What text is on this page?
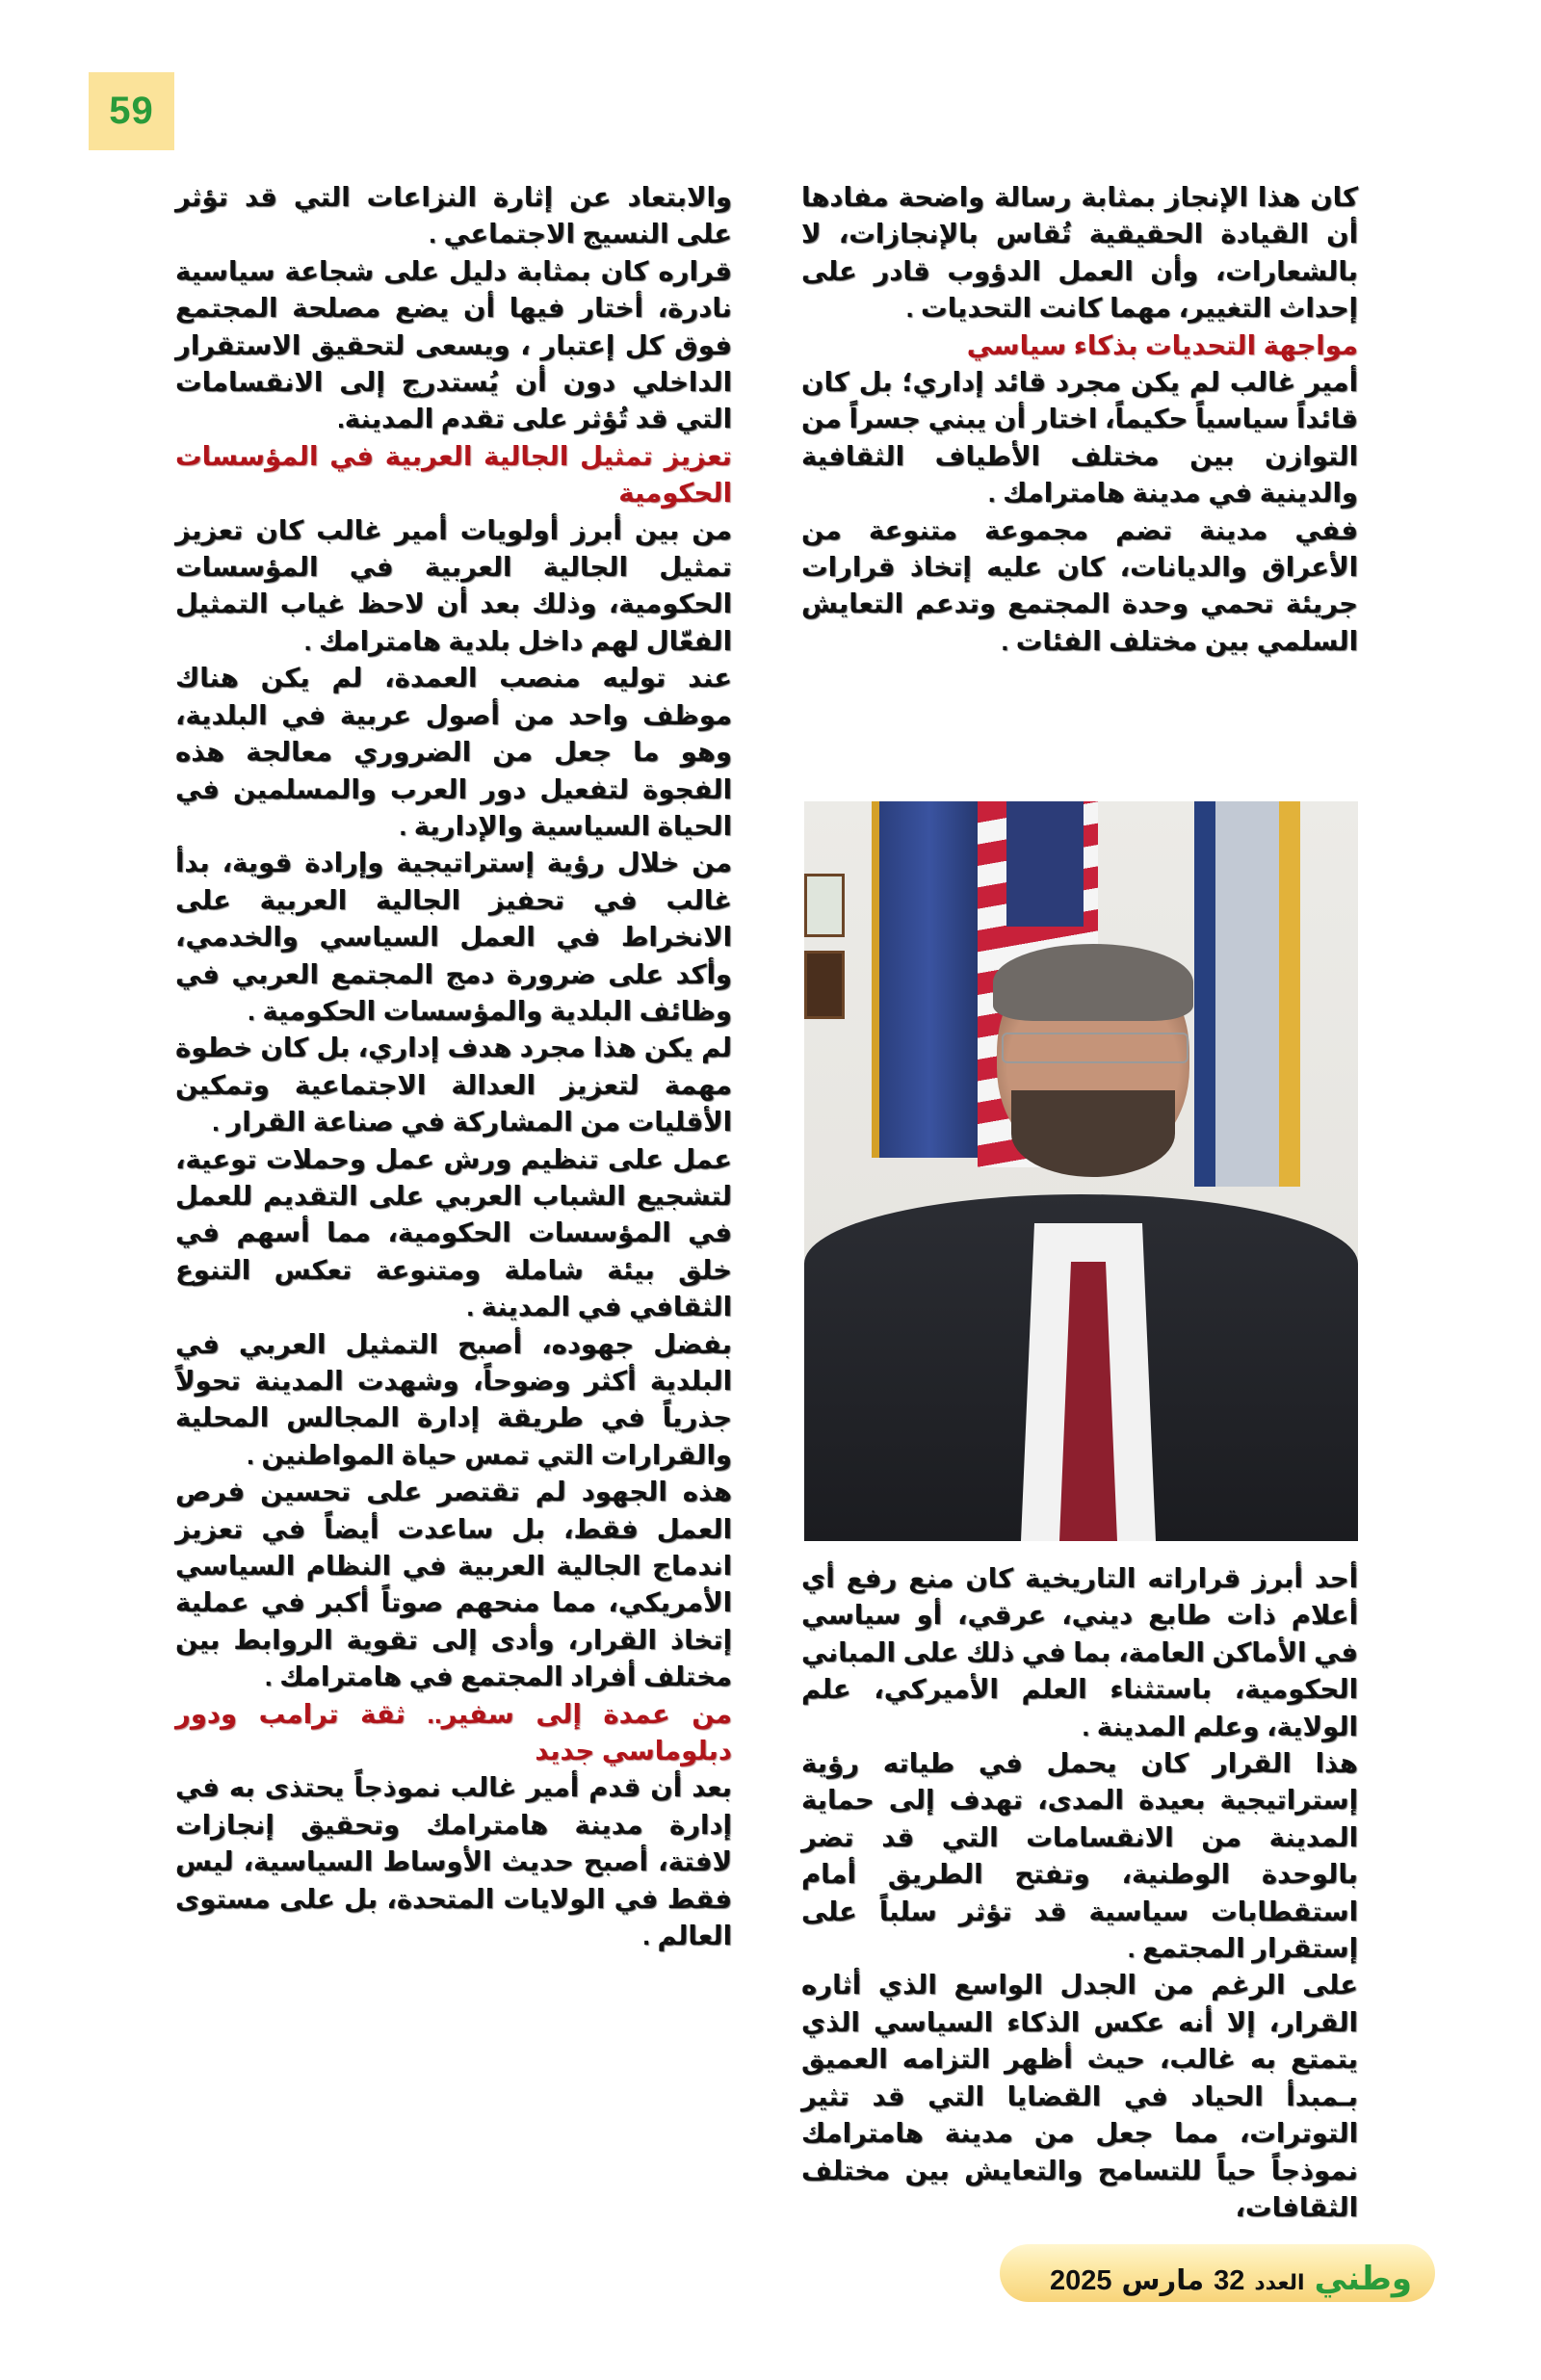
59

كان هذا الإنجاز بمثابة رسالة واضحة مفادها أن القيادة الحقيقية تُقاس بالإنجازات، لا بالشعارات، وأن العمل الدؤوب قادر على إحداث التغيير، مهما كانت التحديات .

مواجهة التحديات بذكاء سياسي

أمير غالب لم يكن مجرد قائد إداري؛ بل كان قائداً سياسياً حكيماً، اختار أن يبني جسراً من التوازن بين مختلف الأطياف الثقافية والدينية في مدينة هامترامك .

ففي مدينة تضم مجموعة متنوعة من الأعراق والديانات، كان عليه إتخاذ قرارات جريئة تحمي وحدة المجتمع وتدعم التعايش السلمي بين مختلف الفئات .

أحد أبرز قراراته التاريخية كان منع رفع أي أعلام ذات طابع ديني، عرقي، أو سياسي في الأماكن العامة، بما في ذلك على المباني الحكومية، باستثناء العلم الأميركي، علم الولاية، وعلم المدينة .

هذا القرار كان يحمل في طياته رؤية إستراتيجية بعيدة المدى، تهدف إلى حماية المدينة من الانقسامات التي قد تضر بالوحدة الوطنية، وتفتح الطريق أمام استقطابات سياسية قد تؤثر سلباً على إستقرار المجتمع .

على الرغم من الجدل الواسع الذي أثاره القرار، إلا أنه عكس الذكاء السياسي الذي يتمتع به غالب، حيث أظهر التزامه العميق بـمبدأ الحياد في القضايا التي قد تثير التوترات، مما جعل من مدينة هامترامك نموذجاً حياً للتسامح والتعايش بين مختلف الثقافات،

والابتعاد عن إثارة النزاعات التي قد تؤثر على النسيج الاجتماعي .

قراره كان بمثابة دليل على شجاعة سياسية نادرة، أختار فيها أن يضع مصلحة المجتمع فوق كل إعتبار ، ويسعى لتحقيق الاستقرار الداخلي دون أن يُستدرج إلى الانقسامات التي قد تُؤثر على تقدم المدينة.

تعزيز تمثيل الجالية العربية في المؤسسات الحكومية

من بين أبرز أولويات أمير غالب كان تعزيز تمثيل الجالية العربية في المؤسسات الحكومية، وذلك بعد أن لاحظ غياب التمثيل الفعّال لهم داخل بلدية هامترامك .

عند توليه منصب العمدة، لم يكن هناك موظف واحد من أصول عربية في البلدية، وهو ما جعل من الضروري معالجة هذه الفجوة لتفعيل دور العرب والمسلمين في الحياة السياسية والإدارية .

من خلال رؤية إستراتيجية وإرادة قوية، بدأ غالب في تحفيز الجالية العربية على الانخراط في العمل السياسي والخدمي، وأكد على ضرورة دمج المجتمع العربي في وظائف البلدية والمؤسسات الحكومية .

لم يكن هذا مجرد هدف إداري، بل كان خطوة مهمة لتعزيز العدالة الاجتماعية وتمكين الأقليات من المشاركة في صناعة القرار .

عمل على تنظيم ورش عمل وحملات توعية، لتشجيع الشباب العربي على التقديم للعمل في المؤسسات الحكومية، مما أسهم في خلق بيئة شاملة ومتنوعة تعكس التنوع الثقافي في المدينة .

بفضل جهوده، أصبح التمثيل العربي في البلدية أكثر وضوحاً، وشهدت المدينة تحولاً جذرياً في طريقة إدارة المجالس المحلية والقرارات التي تمس حياة المواطنين .

هذه الجهود لم تقتصر على تحسين فرص العمل فقط، بل ساعدت أيضاً في تعزيز اندماج الجالية العربية في النظام السياسي الأمريكي، مما منحهم صوتاً أكبر في عملية إتخاذ القرار، وأدى إلى تقوية الروابط بين مختلف أفراد المجتمع في هامترامك .

من عمدة إلى سفير.. ثقة ترامب ودور دبلوماسي جديد

بعد أن قدم أمير غالب نموذجاً يحتذى به في إدارة مدينة هامترامك وتحقيق إنجازات لافتة، أصبح حديث الأوساط السياسية، ليس فقط في الولايات المتحدة، بل على مستوى العالم .

وطني
العدد
32
مارس
2025
